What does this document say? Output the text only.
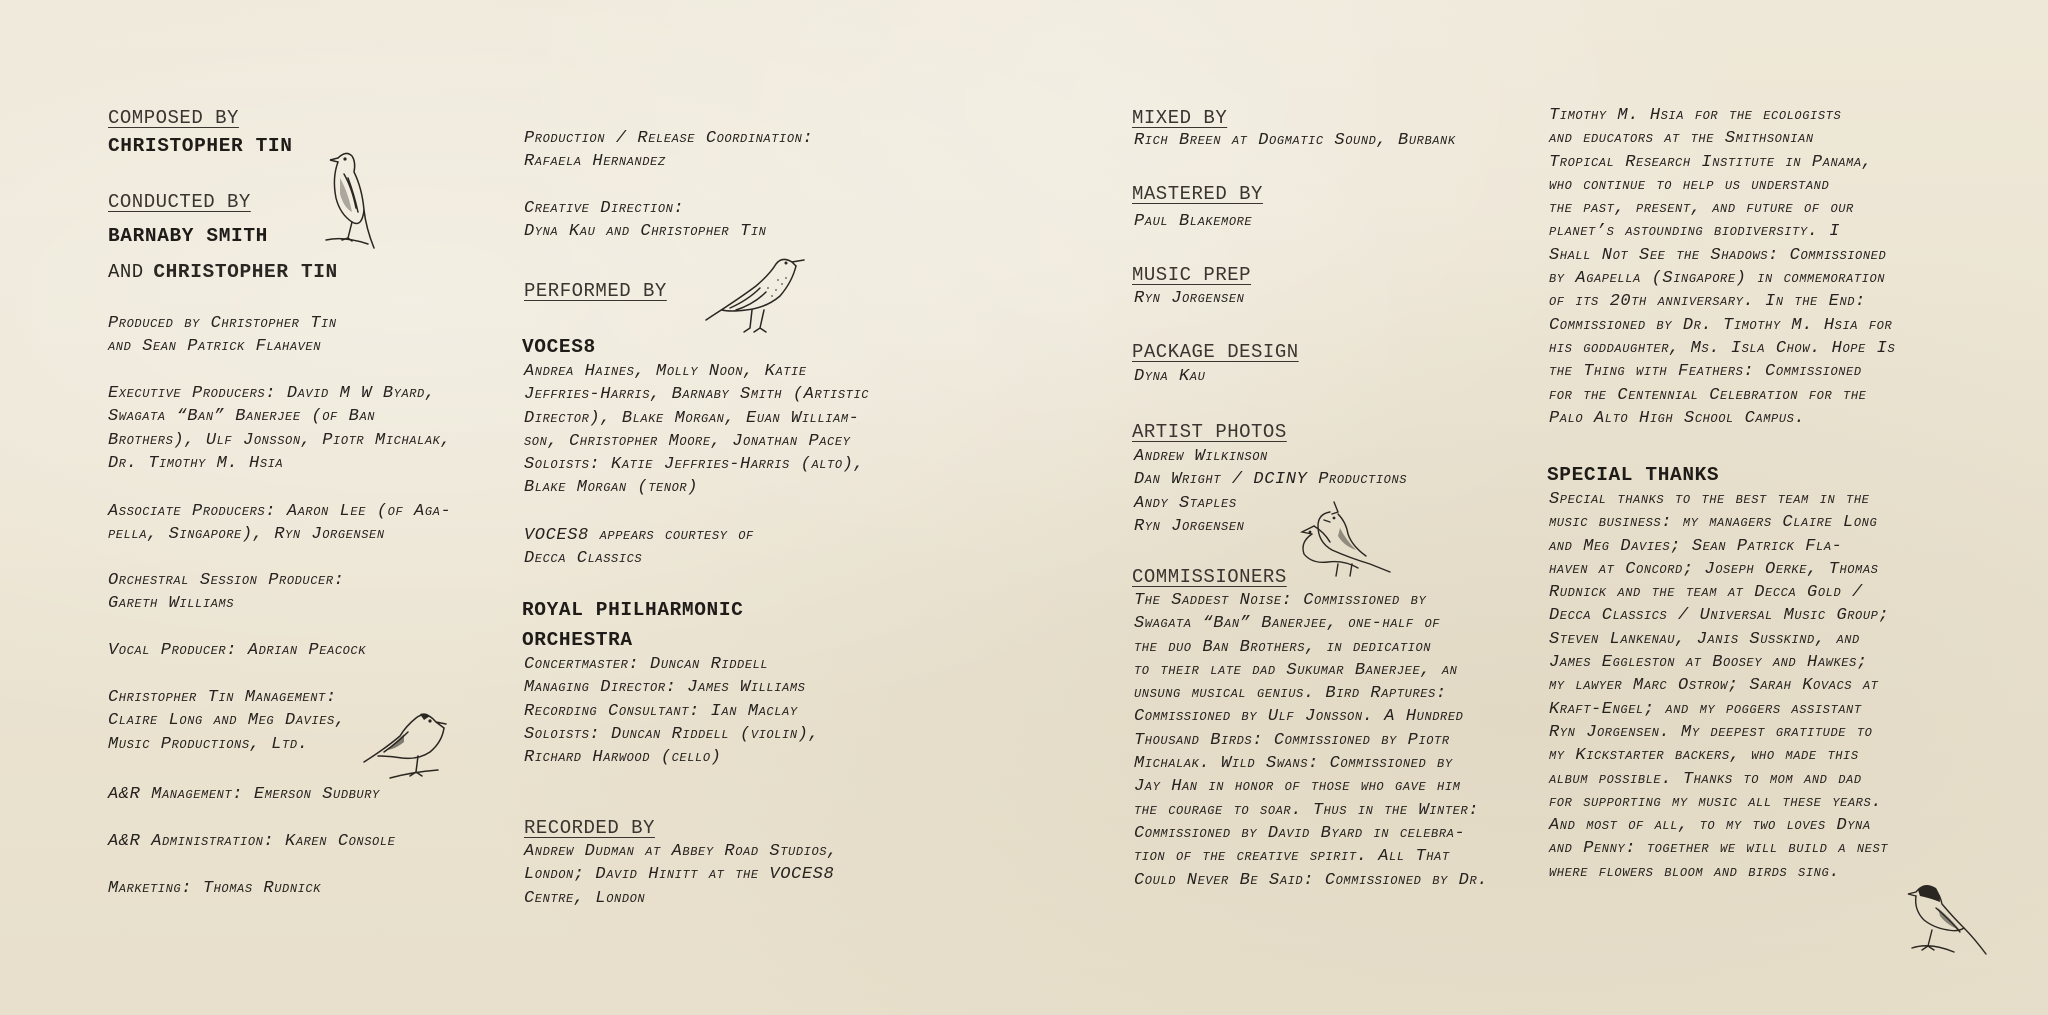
COMPOSED BY
CHRISTOPHER TIN
CONDUCTED BY
BARNABY SMITH
AND CHRISTOPHER TIN
Produced by Christopher Tin
and Sean Patrick Flahaven
Executive Producers: David M W Byard,
Swagata “Ban” Banerjee (of Ban
Brothers), Ulf Jonsson, Piotr Michalak,
Dr. Timothy M. Hsia
Associate Producers: Aaron Lee (of Aga-
pella, Singapore), Ryn Jorgensen
Orchestral Session Producer:
Gareth Williams
Vocal Producer: Adrian Peacock
Christopher Tin Management:
Claire Long and Meg Davies,
Music Productions, Ltd.
A&R Management: Emerson Sudbury
A&R Administration: Karen Console
Marketing: Thomas Rudnick
Production / Release Coordination:
Rafaela Hernandez
Creative Direction:
Dyna Kau and Christopher Tin
PERFORMED BY
VOCES8
Andrea Haines, Molly Noon, Katie
Jeffries-Harris, Barnaby Smith (Artistic
Director), Blake Morgan, Euan William-
son, Christopher Moore, Jonathan Pacey
Soloists: Katie Jeffries-Harris (alto),
Blake Morgan (tenor)
VOCES8 appears courtesy of
Decca Classics
ROYAL PHILHARMONIC
ORCHESTRA
Concertmaster: Duncan Riddell
Managing Director: James Williams
Recording Consultant: Ian Maclay
Soloists: Duncan Riddell (violin),
Richard Harwood (cello)
RECORDED BY
Andrew Dudman at Abbey Road Studios,
London; David Hinitt at the VOCES8
Centre, London
MIXED BY
Rich Breen at Dogmatic Sound, Burbank
MASTERED BY
Paul Blakemore
MUSIC PREP
Ryn Jorgensen
PACKAGE DESIGN
Dyna Kau
ARTIST PHOTOS
Andrew Wilkinson
Dan Wright / DCINY Productions
Andy Staples
Ryn Jorgensen
COMMISSIONERS
The Saddest Noise: Commissioned by
Swagata “Ban” Banerjee, one-half of
the duo Ban Brothers, in dedication
to their late dad Sukumar Banerjee, an
unsung musical genius. Bird Raptures:
Commissioned by Ulf Jonsson. A Hundred
Thousand Birds: Commissioned by Piotr
Michalak. Wild Swans: Commissioned by
Jay Han in honor of those who gave him
the courage to soar. Thus in the Winter:
Commissioned by David Byard in celebra-
tion of the creative spirit. All That
Could Never Be Said: Commissioned by Dr.
Timothy M. Hsia for the ecologists
and educators at the Smithsonian
Tropical Research Institute in Panama,
who continue to help us understand
the past, present, and future of our
planet’s astounding biodiversity. I
Shall Not See the Shadows: Commissioned
by Agapella (Singapore) in commemoration
of its 20th anniversary. In the End:
Commissioned by Dr. Timothy M. Hsia for
his goddaughter, Ms. Isla Chow. Hope Is
the Thing with Feathers: Commissioned
for the Centennial Celebration for the
Palo Alto High School Campus.
SPECIAL THANKS
Special thanks to the best team in the
music business: my managers Claire Long
and Meg Davies; Sean Patrick Fla-
haven at Concord; Joseph Oerke, Thomas
Rudnick and the team at Decca Gold /
Decca Classics / Universal Music Group;
Steven Lankenau, Janis Susskind, and
James Eggleston at Boosey and Hawkes;
my lawyer Marc Ostrow; Sarah Kovacs at
Kraft-Engel; and my poggers assistant
Ryn Jorgensen. My deepest gratitude to
my Kickstarter backers, who made this
album possible. Thanks to mom and dad
for supporting my music all these years.
And most of all, to my two loves Dyna
and Penny: together we will build a nest
where flowers bloom and birds sing.
